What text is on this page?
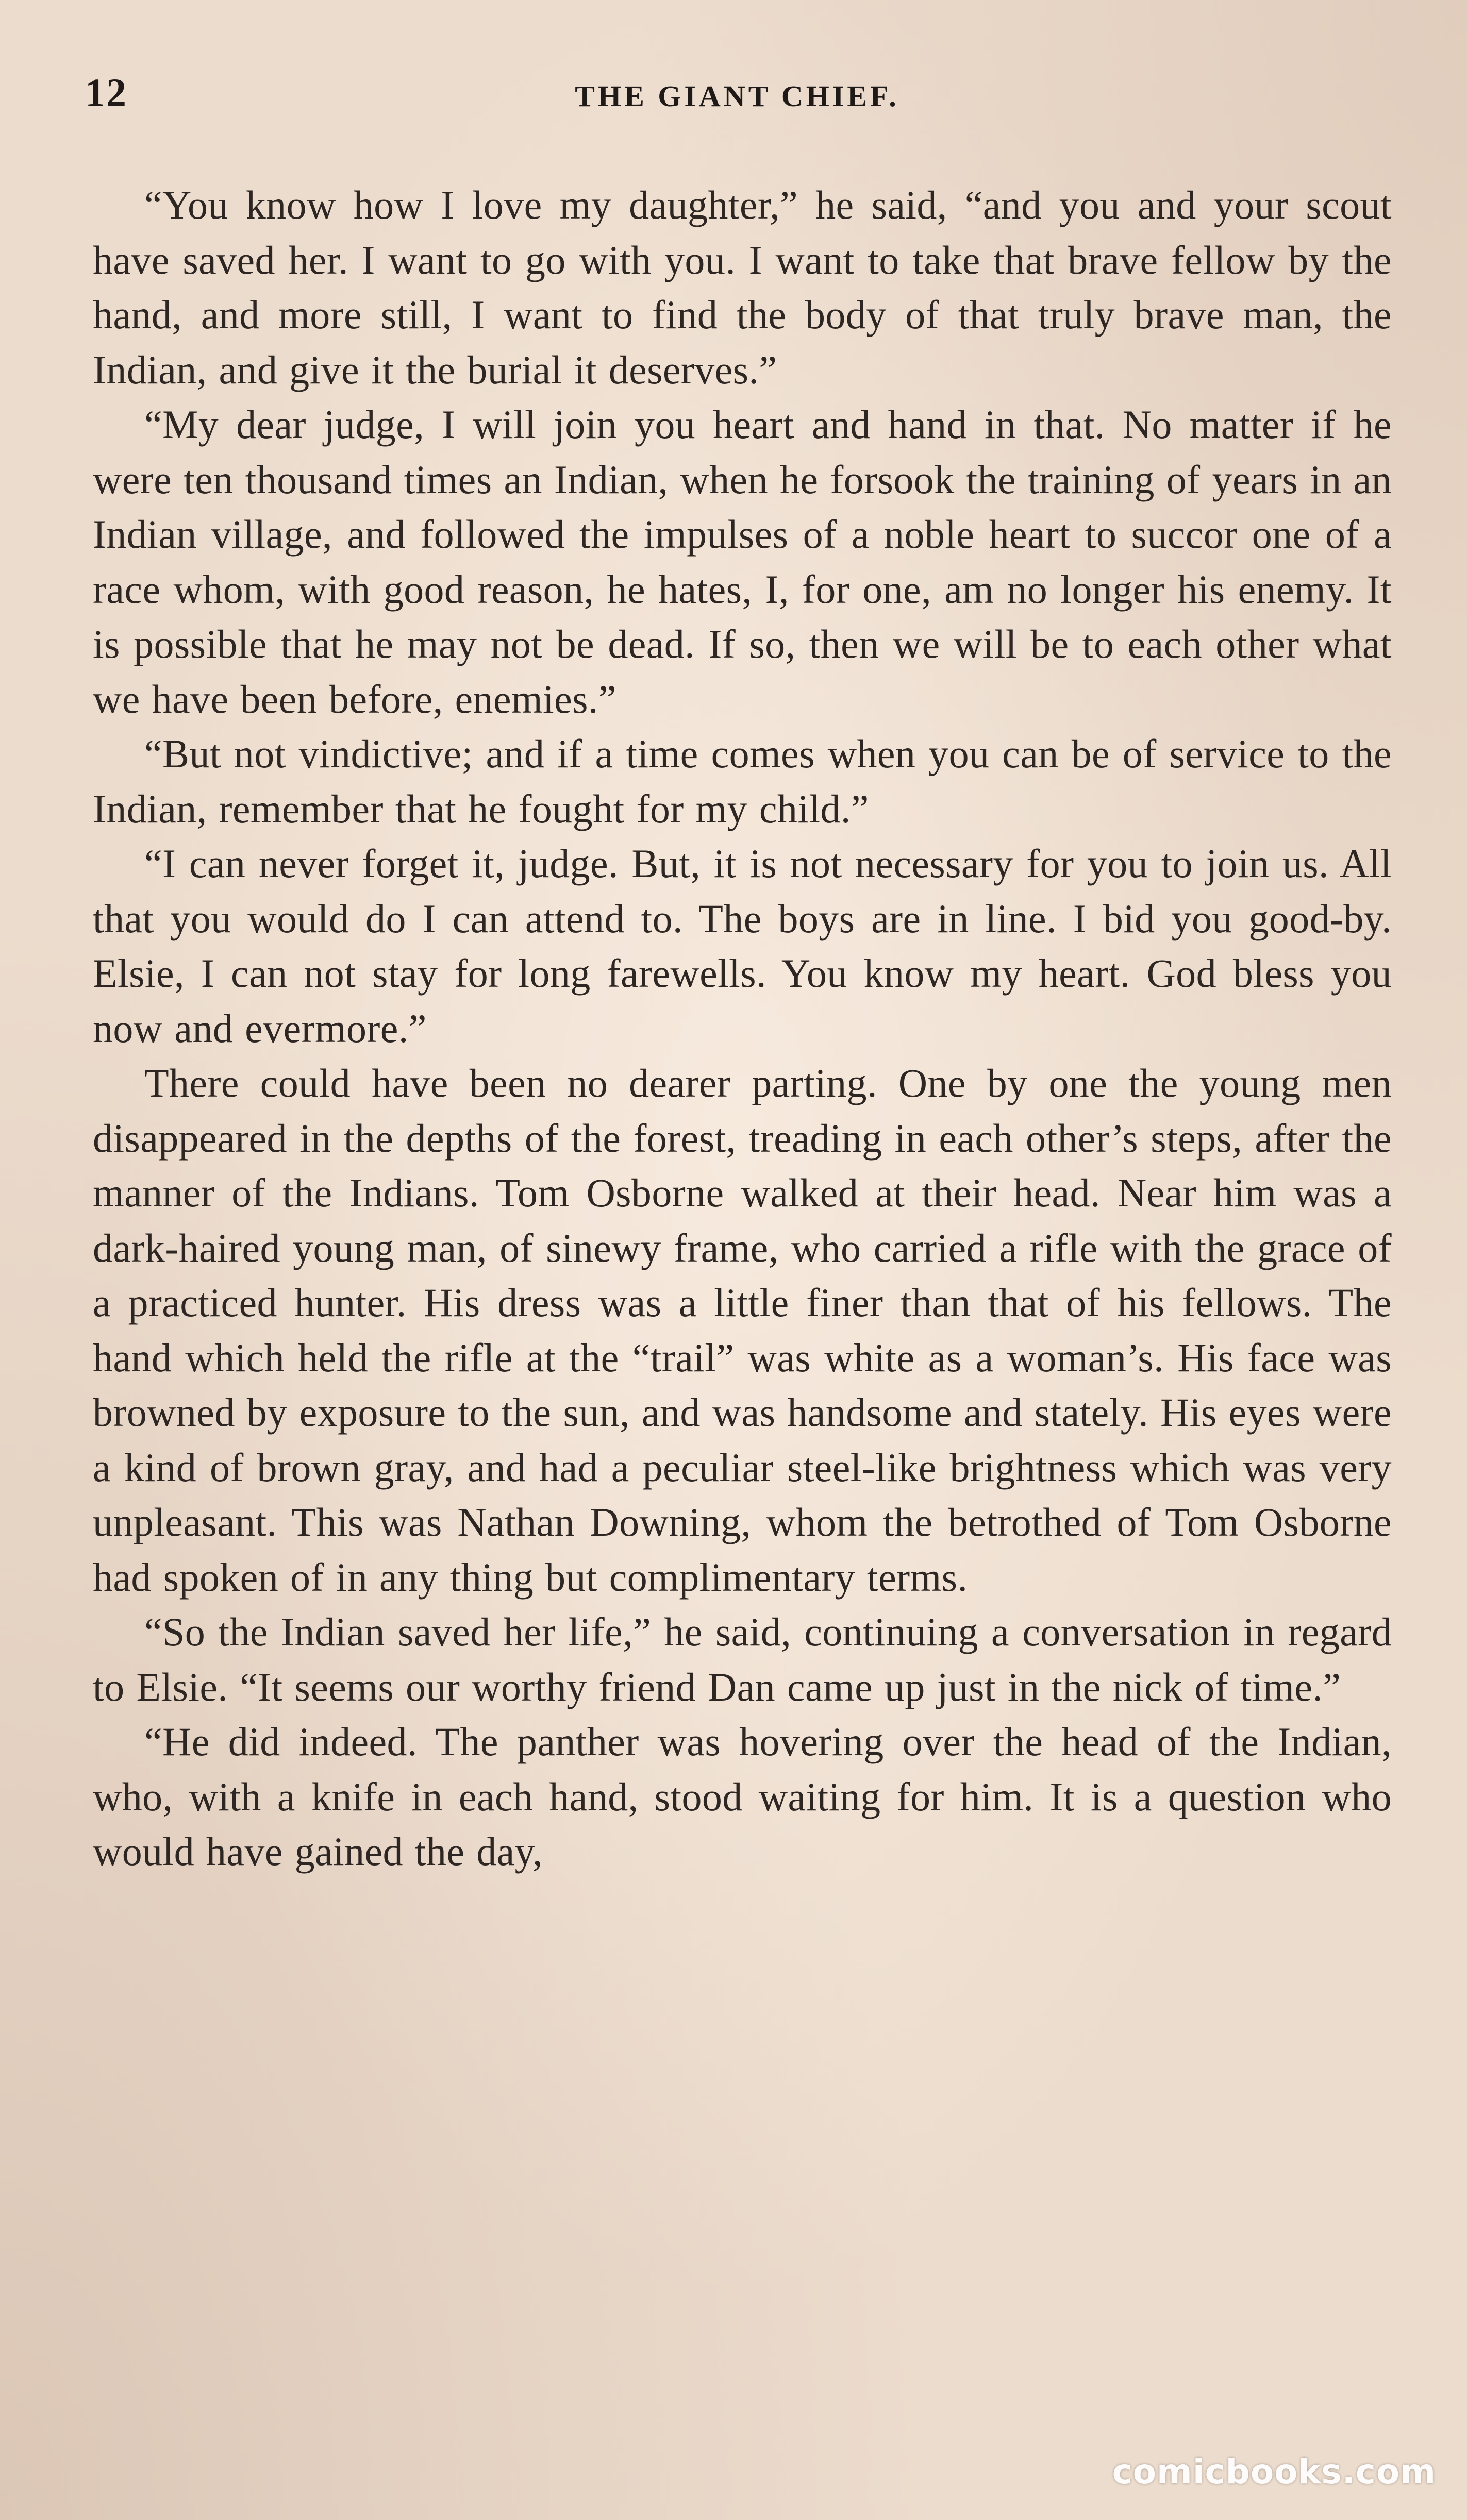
12	THE GIANT CHIEF.

“You know how I love my daughter,” he said, “and you and your scout have saved her. I want to go with you. I want to take that brave fellow by the hand, and more still, I want to find the body of that truly brave man, the Indian, and give it the burial it deserves.”

“My dear judge, I will join you heart and hand in that. No matter if he were ten thousand times an Indian, when he forsook the training of years in an Indian village, and followed the impulses of a noble heart to succor one of a race whom, with good reason, he hates, I, for one, am no longer his enemy. It is possible that he may not be dead. If so, then we will be to each other what we have been before, enemies.”

“But not vindictive; and if a time comes when you can be of service to the Indian, remember that he fought for my child.”

“I can never forget it, judge. But, it is not necessary for you to join us. All that you would do I can attend to. The boys are in line. I bid you good-by. Elsie, I can not stay for long farewells. You know my heart. God bless you now and evermore.”

There could have been no dearer parting. One by one the young men disappeared in the depths of the forest, treading in each other’s steps, after the manner of the Indians. Tom Osborne walked at their head. Near him was a dark-haired young man, of sinewy frame, who carried a rifle with the grace of a practiced hunter. His dress was a little finer than that of his fellows. The hand which held the rifle at the “trail” was white as a woman’s. His face was browned by exposure to the sun, and was handsome and stately. His eyes were a kind of brown gray, and had a peculiar steel-like brightness which was very unpleasant. This was Nathan Downing, whom the betrothed of Tom Osborne had spoken of in any thing but complimentary terms.

“So the Indian saved her life,” he said, continuing a conversation in regard to Elsie. “It seems our worthy friend Dan came up just in the nick of time.”

“He did indeed. The panther was hovering over the head of the Indian, who, with a knife in each hand, stood waiting for him. It is a question who would have gained the day,

comicbooks.com
